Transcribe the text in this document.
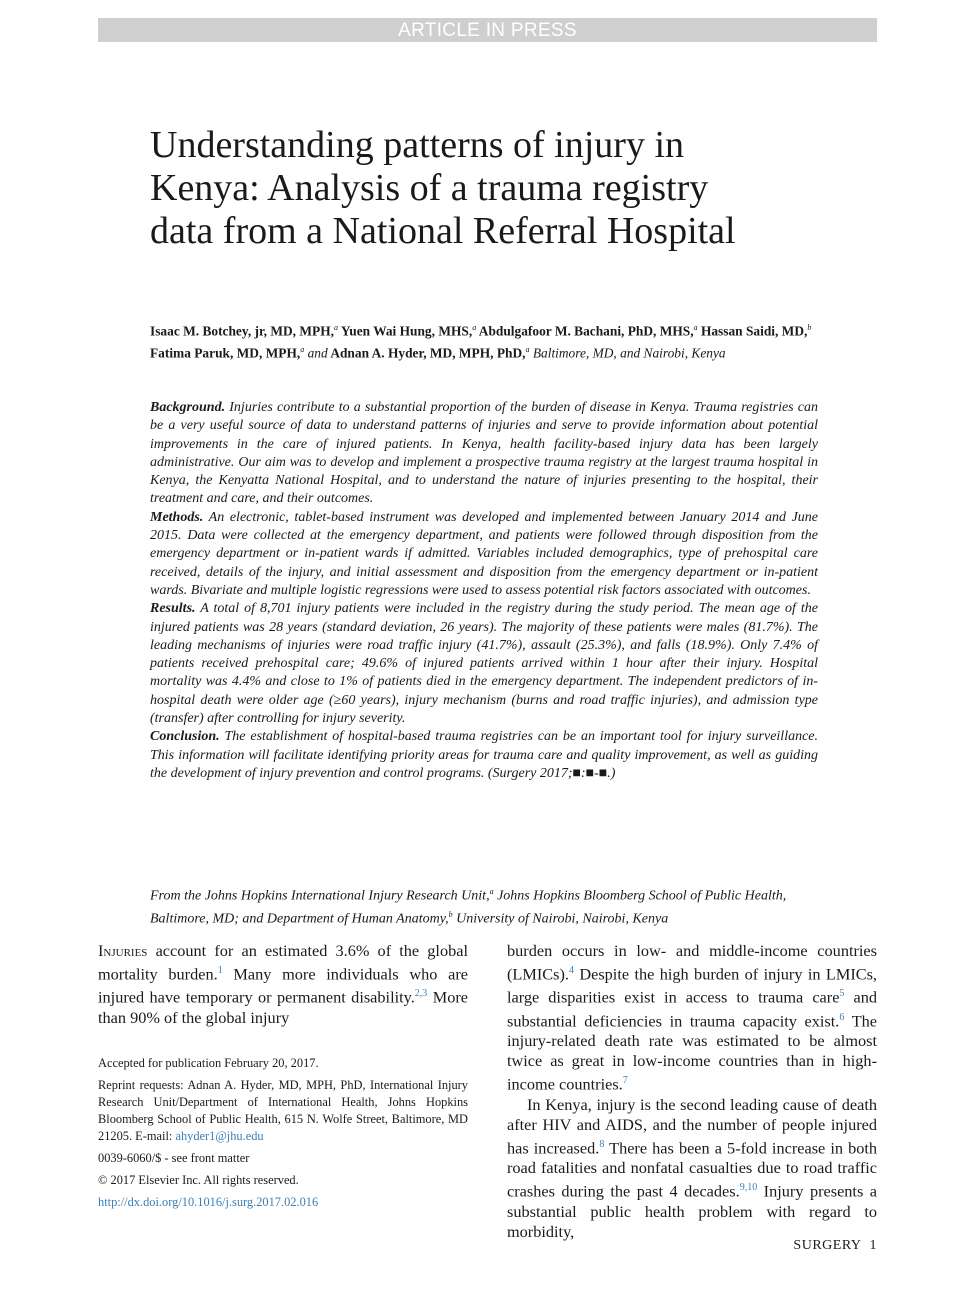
ARTICLE IN PRESS
Understanding patterns of injury in Kenya: Analysis of a trauma registry data from a National Referral Hospital
Isaac M. Botchey, jr, MD, MPH,$^a$ Yuen Wai Hung, MHS,$^a$ Abdulgafoor M. Bachani, PhD, MHS,$^a$ Hassan Saidi, MD,$^b$ Fatima Paruk, MD, MPH,$^a$ and Adnan A. Hyder, MD, MPH, PhD,$^a$ Baltimore, MD, and Nairobi, Kenya

Background. Injuries contribute to a substantial proportion of the burden of disease in Kenya. Trauma registries can be a very useful source of data to understand patterns of injuries and serve to provide information about potential improvements in the care of injured patients. In Kenya, health facility-based injury data has been largely administrative. Our aim was to develop and implement a prospective trauma registry at the largest trauma hospital in Kenya, the Kenyatta National Hospital, and to understand the nature of injuries presenting to the hospital, their treatment and care, and their outcomes.

Methods. An electronic, tablet-based instrument was developed and implemented between January 2014 and June 2015. Data were collected at the emergency department, and patients were followed through disposition from the emergency department or in-patient wards if admitted. Variables included demographics, type of prehospital care received, details of the injury, and initial assessment and disposition from the emergency department or in-patient wards. Bivariate and multiple logistic regressions were used to assess potential risk factors associated with outcomes.

Results. A total of 8,701 injury patients were included in the registry during the study period. The mean age of the injured patients was 28 years (standard deviation, 26 years). The majority of these patients were males (81.7%). The leading mechanisms of injuries were road traffic injury (41.7%), assault (25.3%), and falls (18.9%). Only 7.4% of patients received prehospital care; 49.6% of injured patients arrived within 1 hour after their injury. Hospital mortality was 4.4% and close to 1% of patients died in the emergency department. The independent predictors of in-hospital death were older age (≥60 years), injury mechanism (burns and road traffic injuries), and admission type (transfer) after controlling for injury severity.

Conclusion. The establishment of hospital-based trauma registries can be an important tool for injury surveillance. This information will facilitate identifying priority areas for trauma care and quality improvement, as well as guiding the development of injury prevention and control programs. (Surgery 2017;■:■-■.)

From the Johns Hopkins International Injury Research Unit,$^a$ Johns Hopkins Bloomberg School of Public Health, Baltimore, MD; and Department of Human Anatomy,$^b$ University of Nairobi, Nairobi, Kenya

Injuries account for an estimated 3.6% of the global mortality burden.$^1$ Many more individuals who are injured have temporary or permanent disability.$^{2,3}$ More than 90% of the global injury

Accepted for publication February 20, 2017.

Reprint requests: Adnan A. Hyder, MD, MPH, PhD, International Injury Research Unit/Department of International Health, Johns Hopkins Bloomberg School of Public Health, 615 N. Wolfe Street, Baltimore, MD 21205. E-mail: ahyder1@jhu.edu

0039-6060/$ - see front matter

© 2017 Elsevier Inc. All rights reserved.

http://dx.doi.org/10.1016/j.surg.2017.02.016

burden occurs in low- and middle-income countries (LMICs).$^4$ Despite the high burden of injury in LMICs, large disparities exist in access to trauma care$^5$ and substantial deficiencies in trauma capacity exist.$^6$ The injury-related death rate was estimated to be almost twice as great in low-income countries than in high-income countries.$^7$

In Kenya, injury is the second leading cause of death after HIV and AIDS, and the number of people injured has increased.$^8$ There has been a 5-fold increase in both road fatalities and nonfatal casualties due to road traffic crashes during the past 4 decades.$^{9,10}$ Injury presents a substantial public health problem with regard to morbidity,

SURGERY 1
